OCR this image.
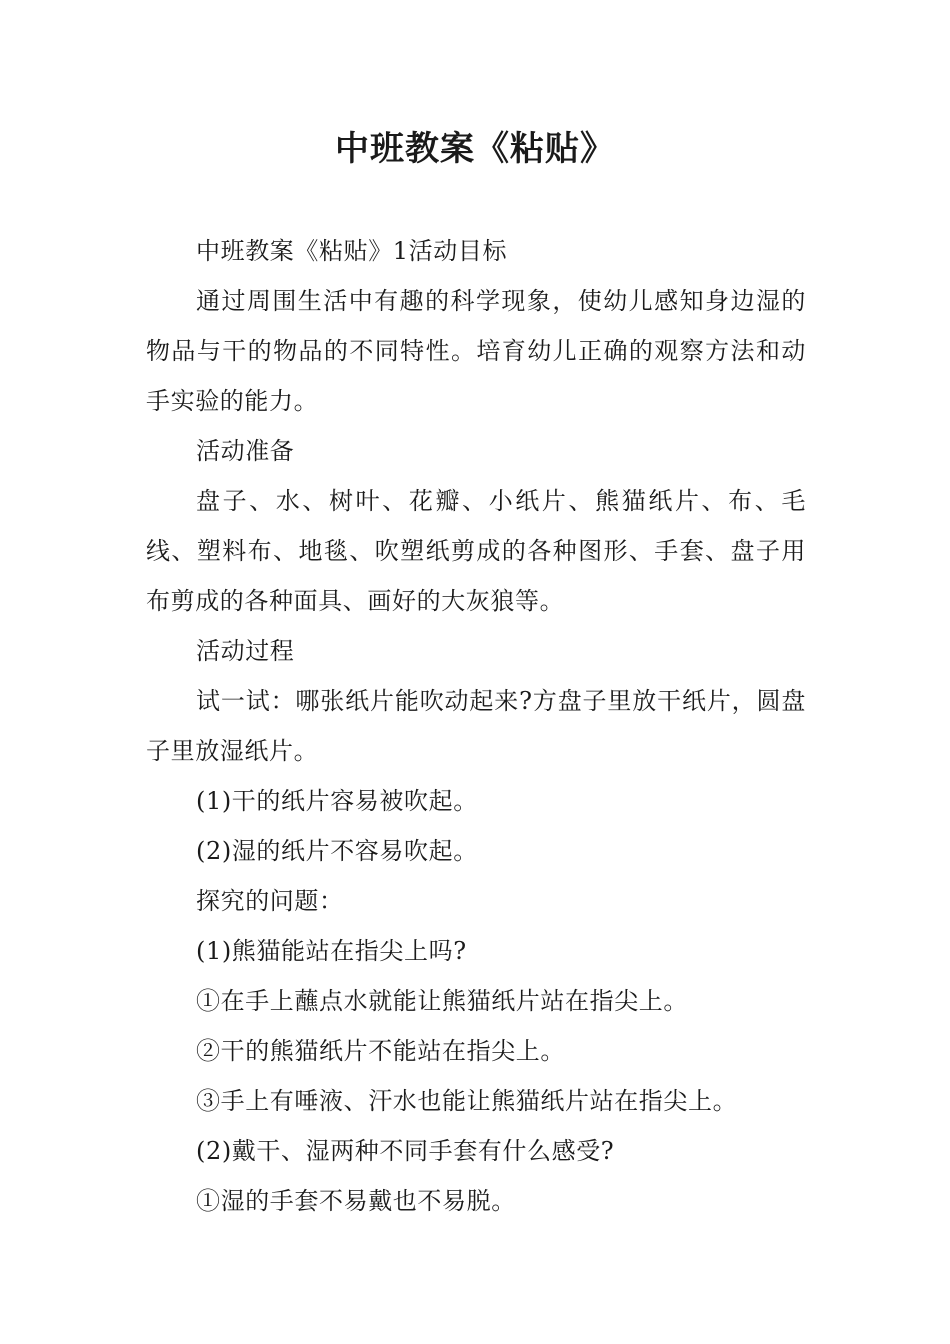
中班教案《粘贴》

中班教案《粘贴》1活动目标

通过周围生活中有趣的科学现象，使幼儿感知身边湿的物品与干的物品的不同特性。培育幼儿正确的观察方法和动手实验的能力。

活动准备

盘子、水、树叶、花瓣、小纸片、熊猫纸片、布、毛线、塑料布、地毯、吹塑纸剪成的各种图形、手套、盘子用布剪成的各种面具、画好的大灰狼等。

活动过程

试一试：哪张纸片能吹动起来?方盘子里放干纸片，圆盘子里放湿纸片。

(1)干的纸片容易被吹起。

(2)湿的纸片不容易吹起。

探究的问题：

(1)熊猫能站在指尖上吗?

①在手上蘸点水就能让熊猫纸片站在指尖上。

②干的熊猫纸片不能站在指尖上。

③手上有唾液、汗水也能让熊猫纸片站在指尖上。

(2)戴干、湿两种不同手套有什么感受?

①湿的手套不易戴也不易脱。
